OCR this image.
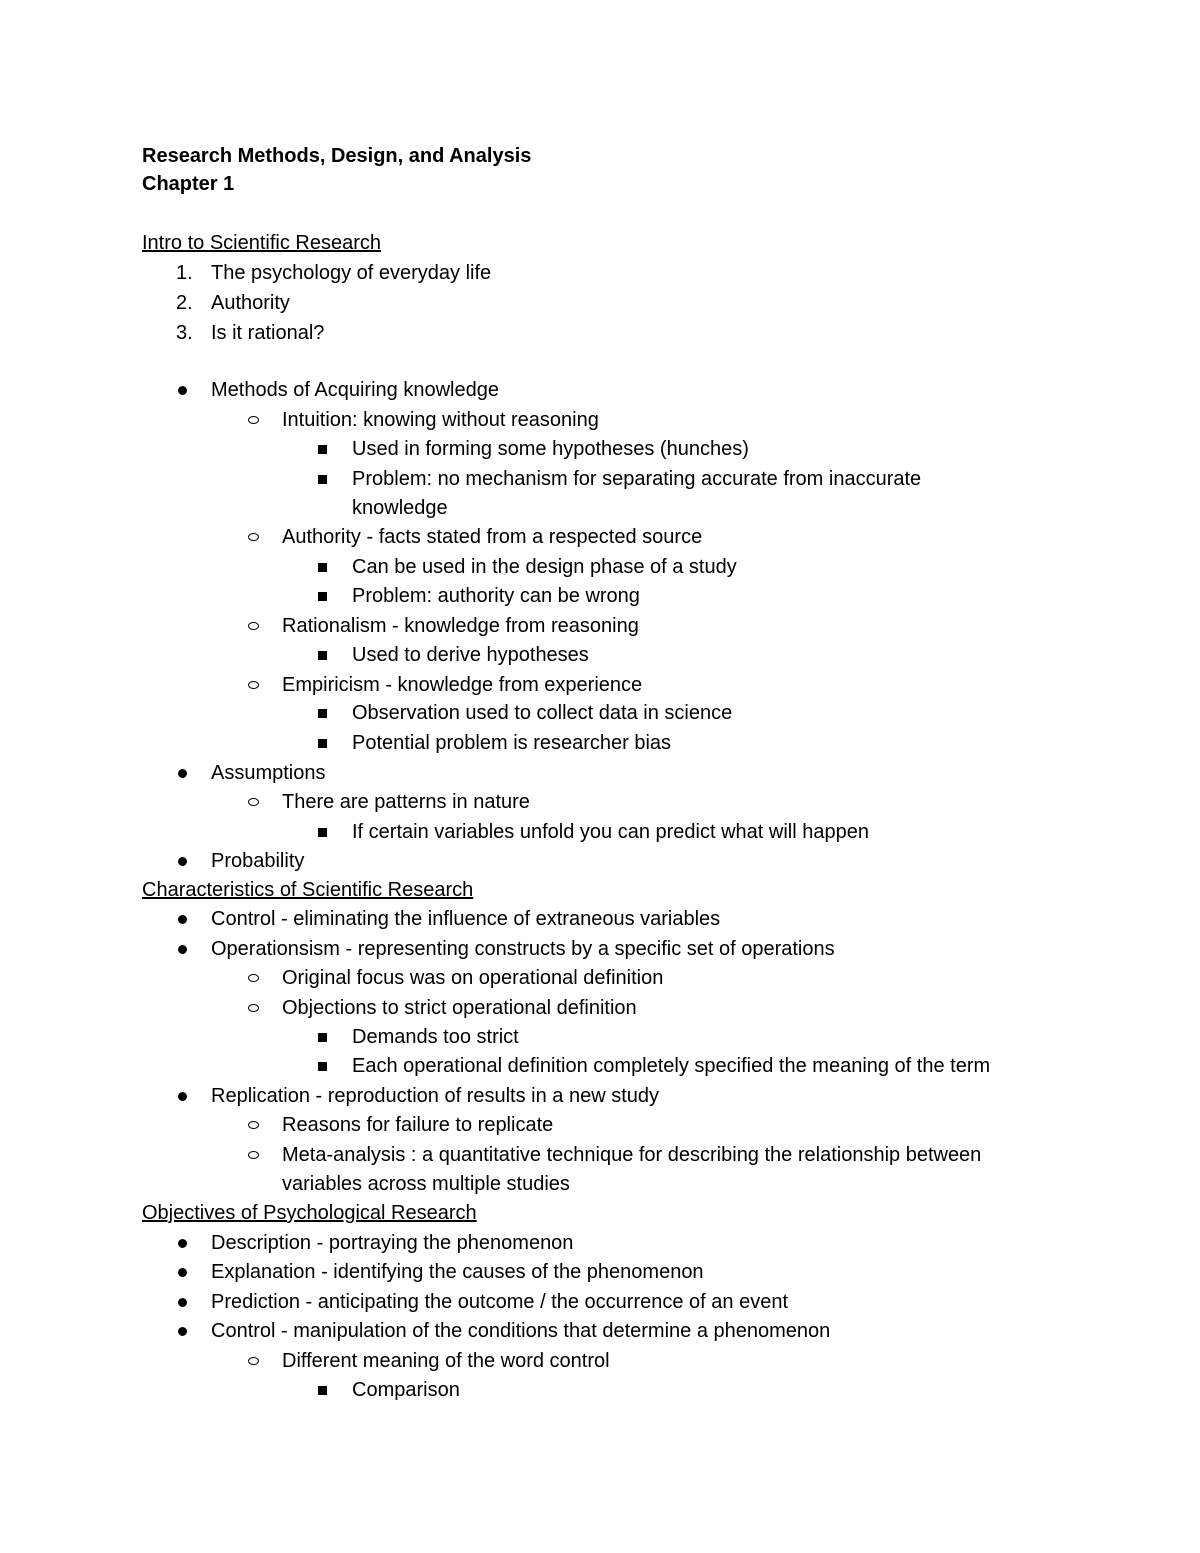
Research Methods, Design, and Analysis
Chapter 1
Intro to Scientific Research
1. The psychology of everyday life
2. Authority
3. Is it rational?
Methods of Acquiring knowledge
Intuition: knowing without reasoning
Used in forming some hypotheses (hunches)
Problem: no mechanism for separating accurate from inaccurate
knowledge
Authority - facts stated from a respected source
Can be used in the design phase of a study
Problem: authority can be wrong
Rationalism - knowledge from reasoning
Used to derive hypotheses
Empiricism - knowledge from experience
Observation used to collect data in science
Potential problem is researcher bias
Assumptions
There are patterns in nature
If certain variables unfold you can predict what will happen
Probability
Characteristics of Scientific Research
Control - eliminating the influence of extraneous variables
Operationsism - representing constructs by a specific set of operations
Original focus was on operational definition
Objections to strict operational definition
Demands too strict
Each operational definition completely specified the meaning of the term
Replication - reproduction of results in a new study
Reasons for failure to replicate
Meta-analysis : a quantitative technique for describing the relationship between
variables across multiple studies
Objectives of Psychological Research
Description - portraying the phenomenon
Explanation - identifying the causes of the phenomenon
Prediction - anticipating the outcome / the occurrence of an event
Control - manipulation of the conditions that determine a phenomenon
Different meaning of the word control
Comparison
